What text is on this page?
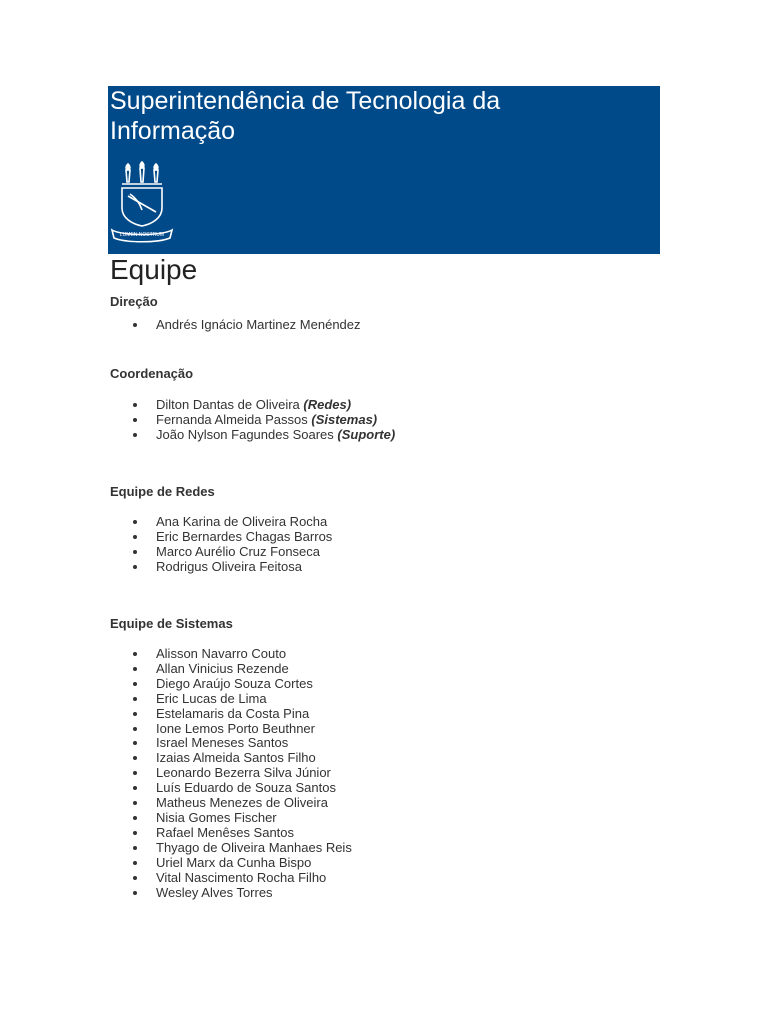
Superintendência de Tecnologia da
Informação
LUMEN NOSTRUM
Equipe
Direção
Andrés Ignácio Martinez Menéndez
Coordenação
Dilton Dantas de Oliveira (Redes)
Fernanda Almeida Passos (Sistemas)
João Nylson Fagundes Soares (Suporte)
Equipe de Redes
Ana Karina de Oliveira Rocha
Eric Bernardes Chagas Barros
Marco Aurélio Cruz Fonseca
Rodrigus Oliveira Feitosa
Equipe de Sistemas
Alisson Navarro Couto
Allan Vinicius Rezende
Diego Araújo Souza Cortes
Eric Lucas de Lima
Estelamaris da Costa Pina
Ione Lemos Porto Beuthner
Israel Meneses Santos
Izaias Almeida Santos Filho
Leonardo Bezerra Silva Júnior
Luís Eduardo de Souza Santos
Matheus Menezes de Oliveira
Nisia Gomes Fischer
Rafael Menêses Santos
Thyago de Oliveira Manhaes Reis
Uriel Marx da Cunha Bispo
Vital Nascimento Rocha Filho
Wesley Alves Torres
